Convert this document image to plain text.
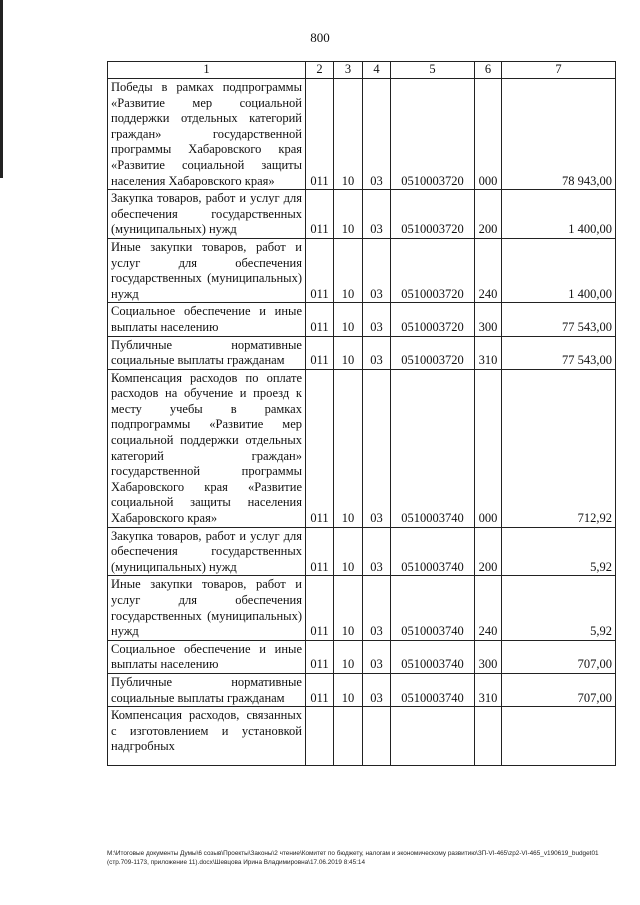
800
1	2	3	4	5	6	7
Победы в рамках подпрограммы «Развитие мер социальной поддержки отдельных категорий граждан» государственной программы Хабаровского края «Развитие социальной защиты населения Хабаровского края»	011	10	03	0510003720	000	78 943,00
Закупка товаров, работ и услуг для обеспечения государственных (муниципальных) нужд	011	10	03	0510003720	200	1 400,00
Иные закупки товаров, работ и услуг для обеспечения государственных (муниципальных) нужд	011	10	03	0510003720	240	1 400,00
Социальное обеспечение и иные выплаты населению	011	10	03	0510003720	300	77 543,00
Публичные нормативные социальные выплаты гражданам	011	10	03	0510003720	310	77 543,00
Компенсация расходов по оплате расходов на обучение и проезд к месту учебы в рамках подпрограммы «Развитие мер социальной поддержки отдельных категорий граждан» государственной программы Хабаровского края «Развитие социальной защиты населения Хабаровского края»	011	10	03	0510003740	000	712,92
Закупка товаров, работ и услуг для обеспечения государственных (муниципальных) нужд	011	10	03	0510003740	200	5,92
Иные закупки товаров, работ и услуг для обеспечения государственных (муниципальных) нужд	011	10	03	0510003740	240	5,92
Социальное обеспечение и иные выплаты населению	011	10	03	0510003740	300	707,00
Публичные нормативные социальные выплаты гражданам	011	10	03	0510003740	310	707,00
Компенсация расходов, связанных с изготовлением и установкой надгробных						
M:\Итоговые документы Думы\6 созыв\Проекты\Законы\2 чтение\Комитет по бюджету, налогам и экономическому развитию\ЗП-VI-465\zp2-VI-465_v190619_budget01 (стр.709-1173, приложение 11).docx\Шевцова Ирина Владимировна\17.06.2019 8:45:14
